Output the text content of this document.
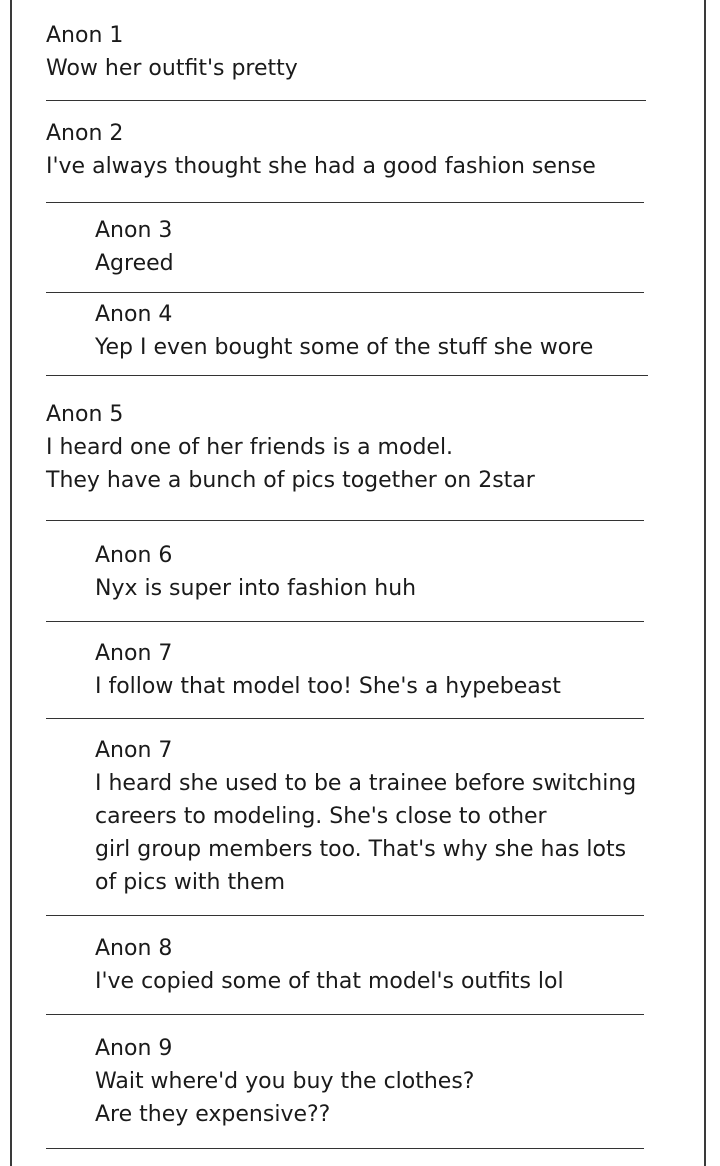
Anon 1
Wow her outfit's pretty
Anon 2
I've always thought she had a good fashion sense
Anon 3
Agreed
Anon 4
Yep I even bought some of the stuff she wore
Anon 5
I heard one of her friends is a model.
They have a bunch of pics together on 2star
Anon 6
Nyx is super into fashion huh
Anon 7
I follow that model too! She's a hypebeast
Anon 7
I heard she used to be a trainee before switching
careers to modeling. She's close to other
girl group members too. That's why she has lots
of pics with them
Anon 8
I've copied some of that model's outfits lol
Anon 9
Wait where'd you buy the clothes?
Are they expensive??
